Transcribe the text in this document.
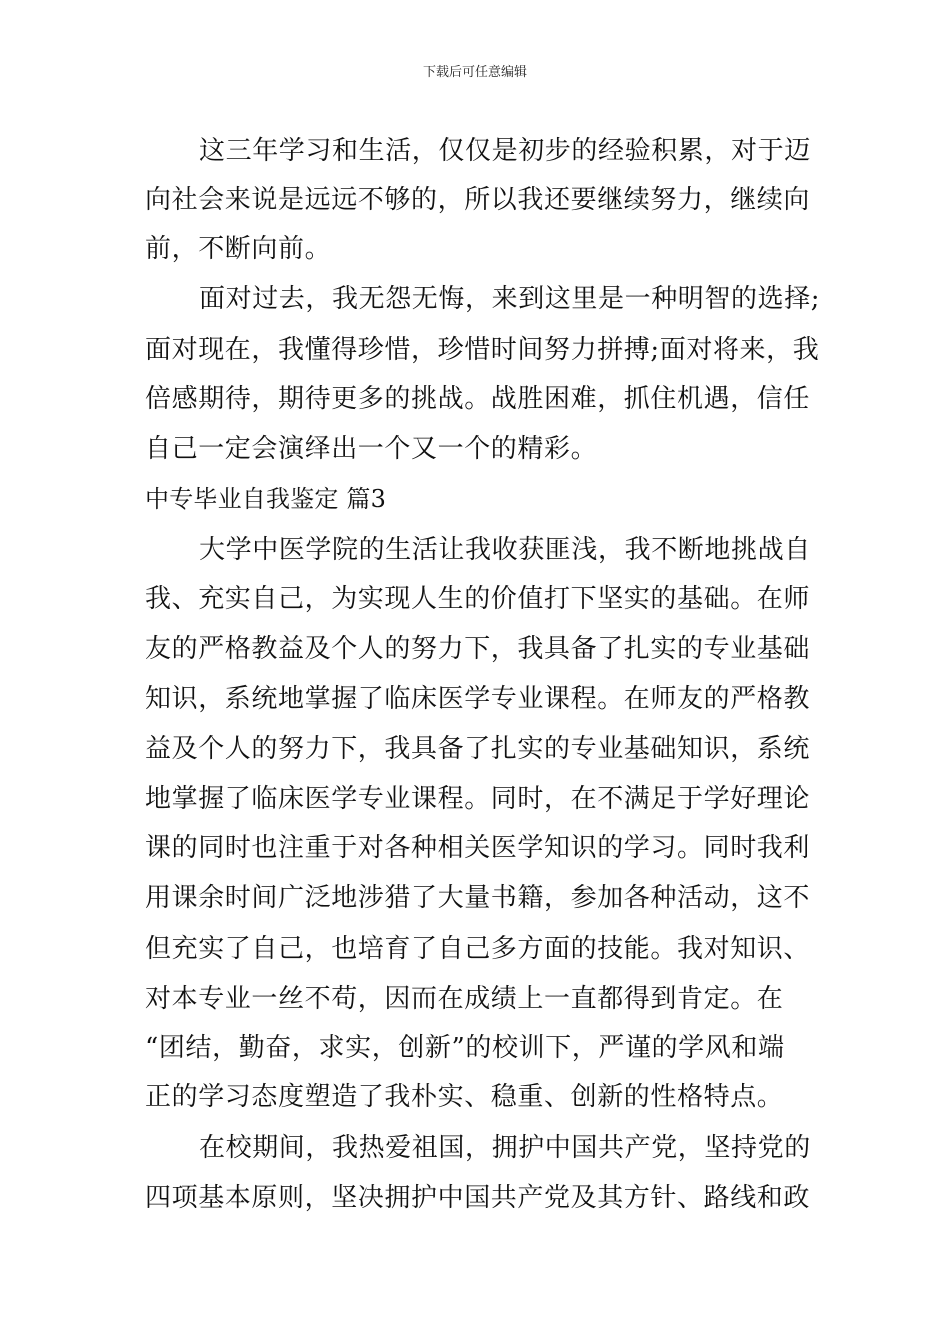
下载后可任意编辑
这三年学习和生活，仅仅是初步的经验积累，对于迈
向社会来说是远远不够的，所以我还要继续努力，继续向
前，不断向前。
面对过去，我无怨无悔，来到这里是一种明智的选择;
面对现在，我懂得珍惜，珍惜时间努力拼搏;面对将来，我
倍感期待，期待更多的挑战。战胜困难，抓住机遇，信任
自己一定会演绎出一个又一个的精彩。
中专毕业自我鉴定 篇3
大学中医学院的生活让我收获匪浅，我不断地挑战自
我、充实自己，为实现人生的价值打下坚实的基础。在师
友的严格教益及个人的努力下，我具备了扎实的专业基础
知识，系统地掌握了临床医学专业课程。在师友的严格教
益及个人的努力下，我具备了扎实的专业基础知识，系统
地掌握了临床医学专业课程。同时，在不满足于学好理论
课的同时也注重于对各种相关医学知识的学习。同时我利
用课余时间广泛地涉猎了大量书籍，参加各种活动，这不
但充实了自己，也培育了自己多方面的技能。我对知识、
对本专业一丝不苟，因而在成绩上一直都得到肯定。在
“团结，勤奋，求实，创新”的校训下，严谨的学风和端
正的学习态度塑造了我朴实、稳重、创新的性格特点。
在校期间，我热爱祖国，拥护中国共产党，坚持党的
四项基本原则，坚决拥护中国共产党及其方针、路线和政
